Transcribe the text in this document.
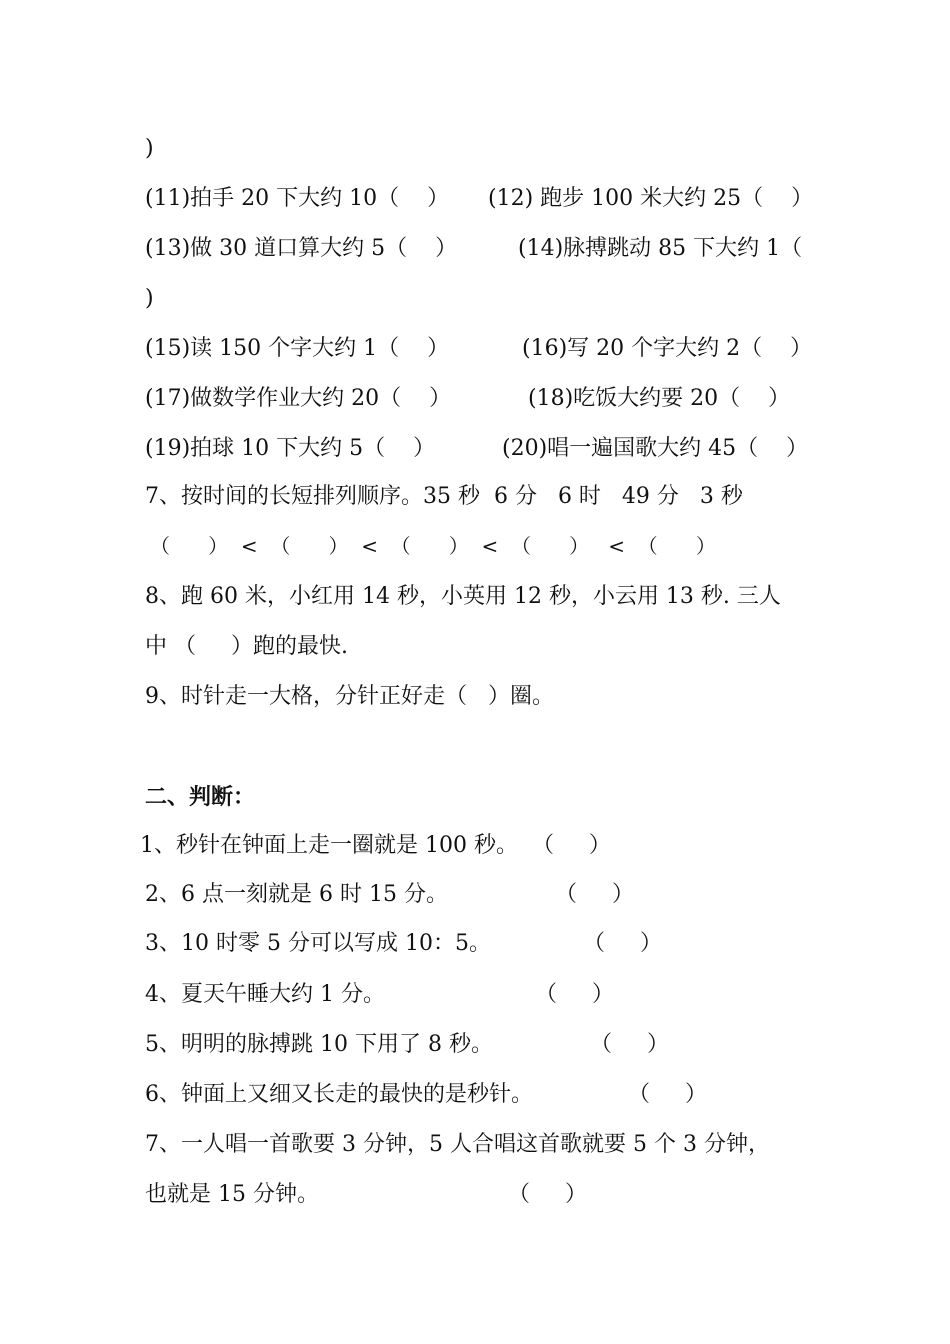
)
(11)拍手 20 下大约 10（    ） (12) 跑步 100 米大约 25（    ）
(13)做 30 道口算大约 5（    ）	(14)脉搏跳动 85 下大约 1（
)
(15)读 150 个字大约 1（    ）	(16)写 20 个字大约 2（    ）
(17)做数学作业大约 20（    ）	(18)吃饭大约要 20（    ）
(19)拍球 10 下大约 5（    ）	(20)唱一遍国歌大约 45（    ）
7、按时间的长短排列顺序。35 秒  6 分   6 时   49 分   3 秒
（      ）  <  （      ）  <  （      ）  <  （      ）   <  （      ）
8、跑 60 米，小红用 14 秒，小英用 12 秒，小云用 13 秒. 三人
中 （     ）跑的最快.
9、时针走一大格，分针正好走（   ）圈。
二、判断：
1、秒针在钟面上走一圈就是 100 秒。  （     ）
2、6 点一刻就是 6 时 15 分。	（     ）
3、10 时零 5 分可以写成 10：5。	（     ）
4、夏天午睡大约 1 分。	（     ）
5、明明的脉搏跳 10 下用了 8 秒。	（     ）
6、钟面上又细又长走的最快的是秒针。	（     ）
7、一人唱一首歌要 3 分钟，5 人合唱这首歌就要 5 个 3 分钟，
也就是 15 分钟。	（     ）
